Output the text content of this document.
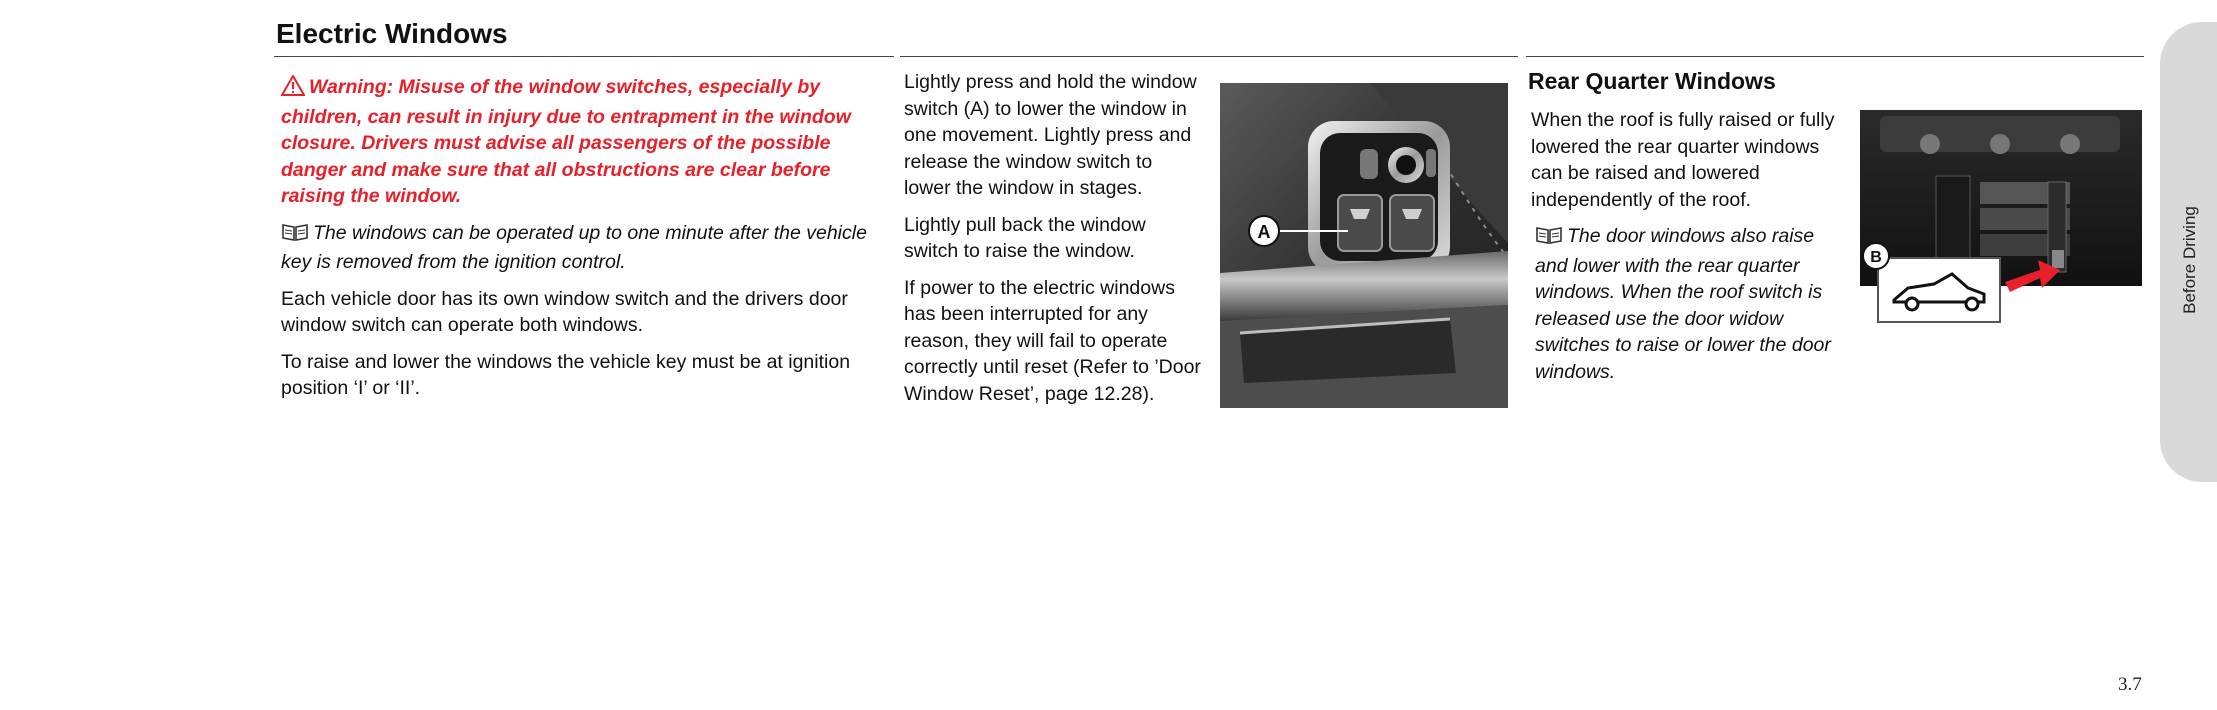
Electric Windows

Warning: Misuse of the window switches, especially by children, can result in injury due to entrapment in the window closure. Drivers must advise all passengers of the possible danger and make sure that all obstructions are clear before raising the window.

The windows can be operated up to one minute after the vehicle key is removed from the ignition control.

Each vehicle door has its own window switch and the drivers door window switch can operate both windows.

To raise and lower the windows the vehicle key must be at ignition position ‘I’ or ‘II’.

Lightly press and hold the window switch (A) to lower the window in one movement. Lightly press and release the window switch to lower the window in stages.

Lightly pull back the window switch to raise the window.

If power to the electric windows has been interrupted for any reason, they will fail to operate correctly until reset (Refer to ’Door Window Reset’, page 12.28).

A
Rear Quarter Windows

When the roof is fully raised or fully lowered the rear quarter windows can be raised and lowered independently of the roof.

The door windows also raise and lower with the rear quarter windows. When the roof switch is released use the door widow switches to raise or lower the door windows.

B	Before Driving
3.7
